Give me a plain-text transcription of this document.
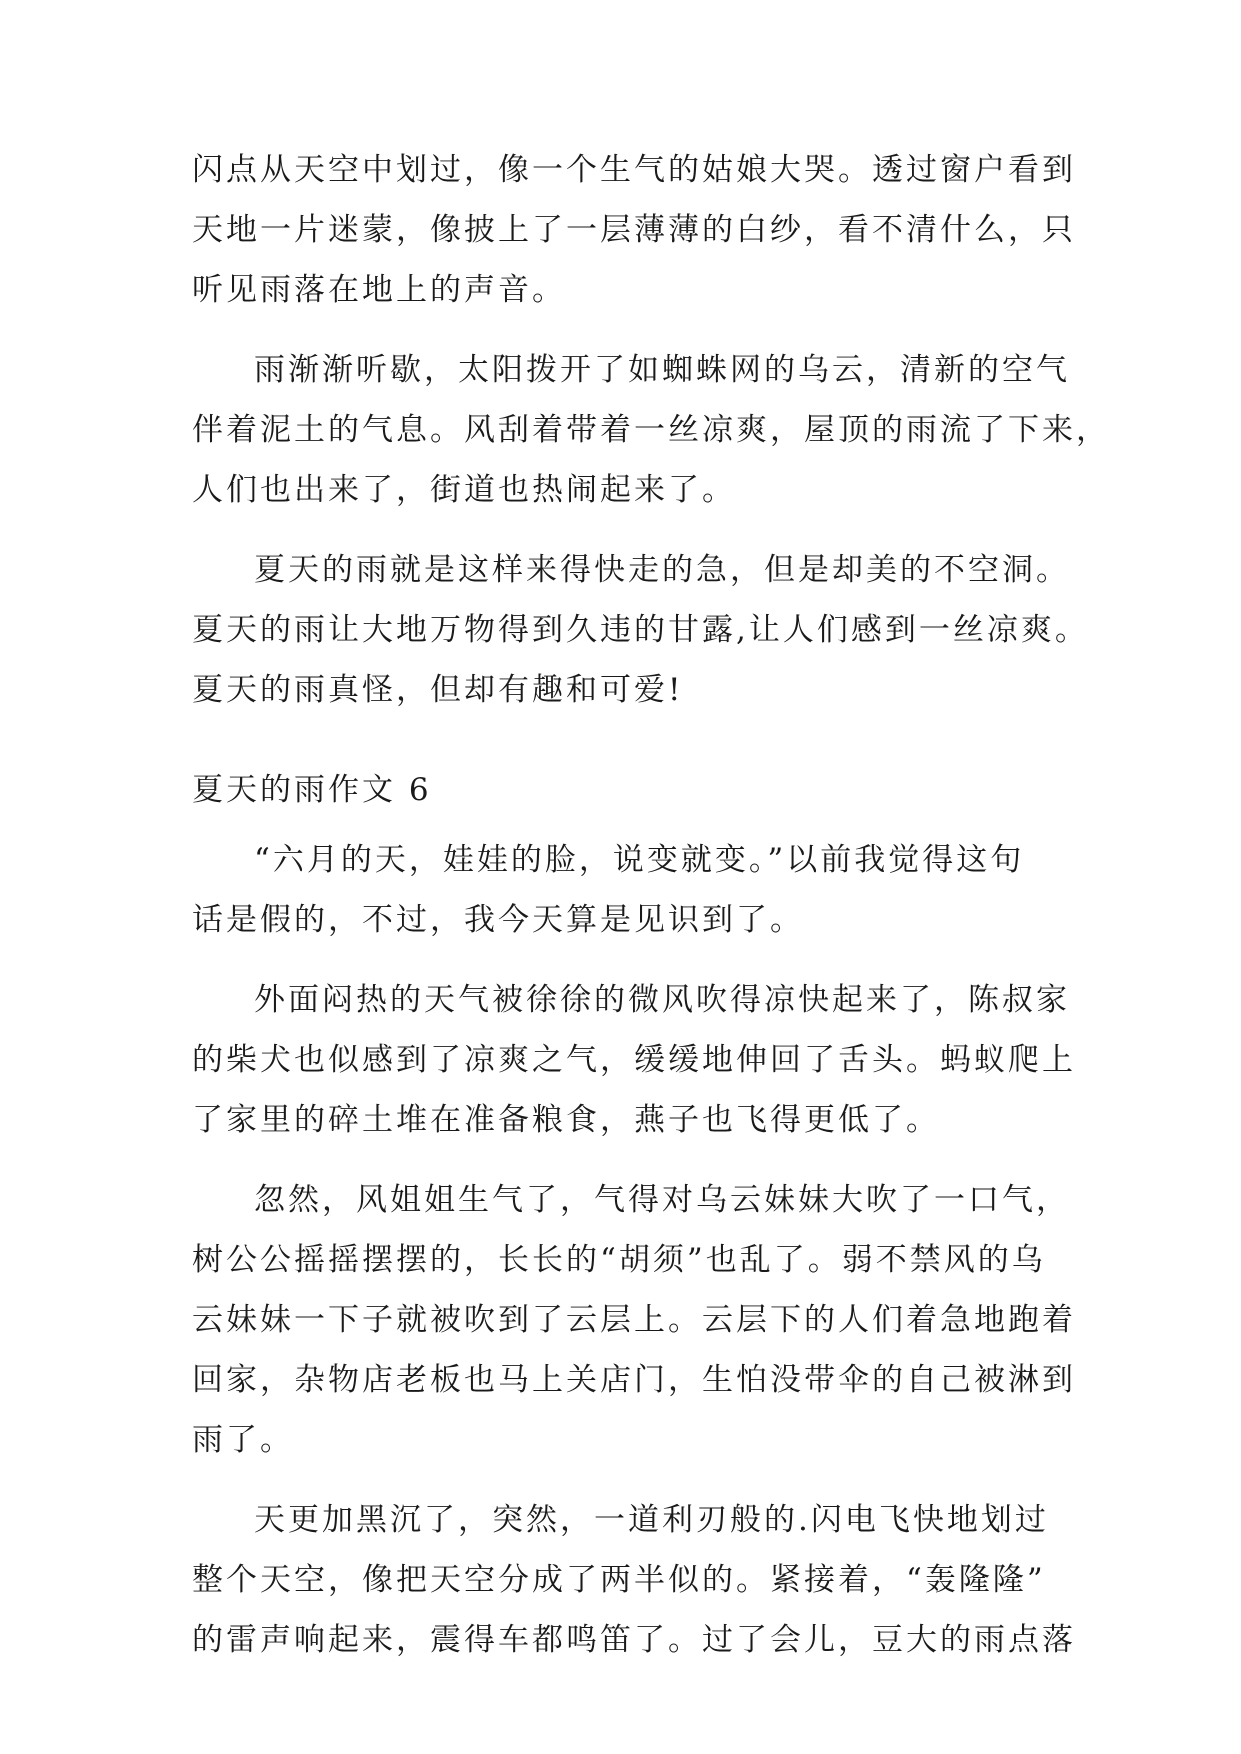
闪点从天空中划过，像一个生气的姑娘大哭。透过窗户看到
天地一片迷蒙，像披上了一层薄薄的白纱，看不清什么，只
听见雨落在地上的声音。
雨渐渐听歇，太阳拨开了如蜘蛛网的乌云，清新的空气
伴着泥土的气息。风刮着带着一丝凉爽，屋顶的雨流了下来，
人们也出来了，街道也热闹起来了。
夏天的雨就是这样来得快走的急，但是却美的不空洞。
夏天的雨让大地万物得到久违的甘露,让人们感到一丝凉爽。
夏天的雨真怪，但却有趣和可爱!
夏天的雨作文 6
“六月的天，娃娃的脸，说变就变。”以前我觉得这句
话是假的，不过，我今天算是见识到了。
外面闷热的天气被徐徐的微风吹得凉快起来了，陈叔家
的柴犬也似感到了凉爽之气，缓缓地伸回了舌头。蚂蚁爬上
了家里的碎土堆在准备粮食，燕子也飞得更低了。
忽然，风姐姐生气了，气得对乌云妹妹大吹了一口气，
树公公摇摇摆摆的，长长的“胡须”也乱了。弱不禁风的乌
云妹妹一下子就被吹到了云层上。云层下的人们着急地跑着
回家，杂物店老板也马上关店门，生怕没带伞的自己被淋到
雨了。
天更加黑沉了，突然，一道利刃般的.闪电飞快地划过
整个天空，像把天空分成了两半似的。紧接着，“轰隆隆”
的雷声响起来，震得车都鸣笛了。过了会儿，豆大的雨点落
